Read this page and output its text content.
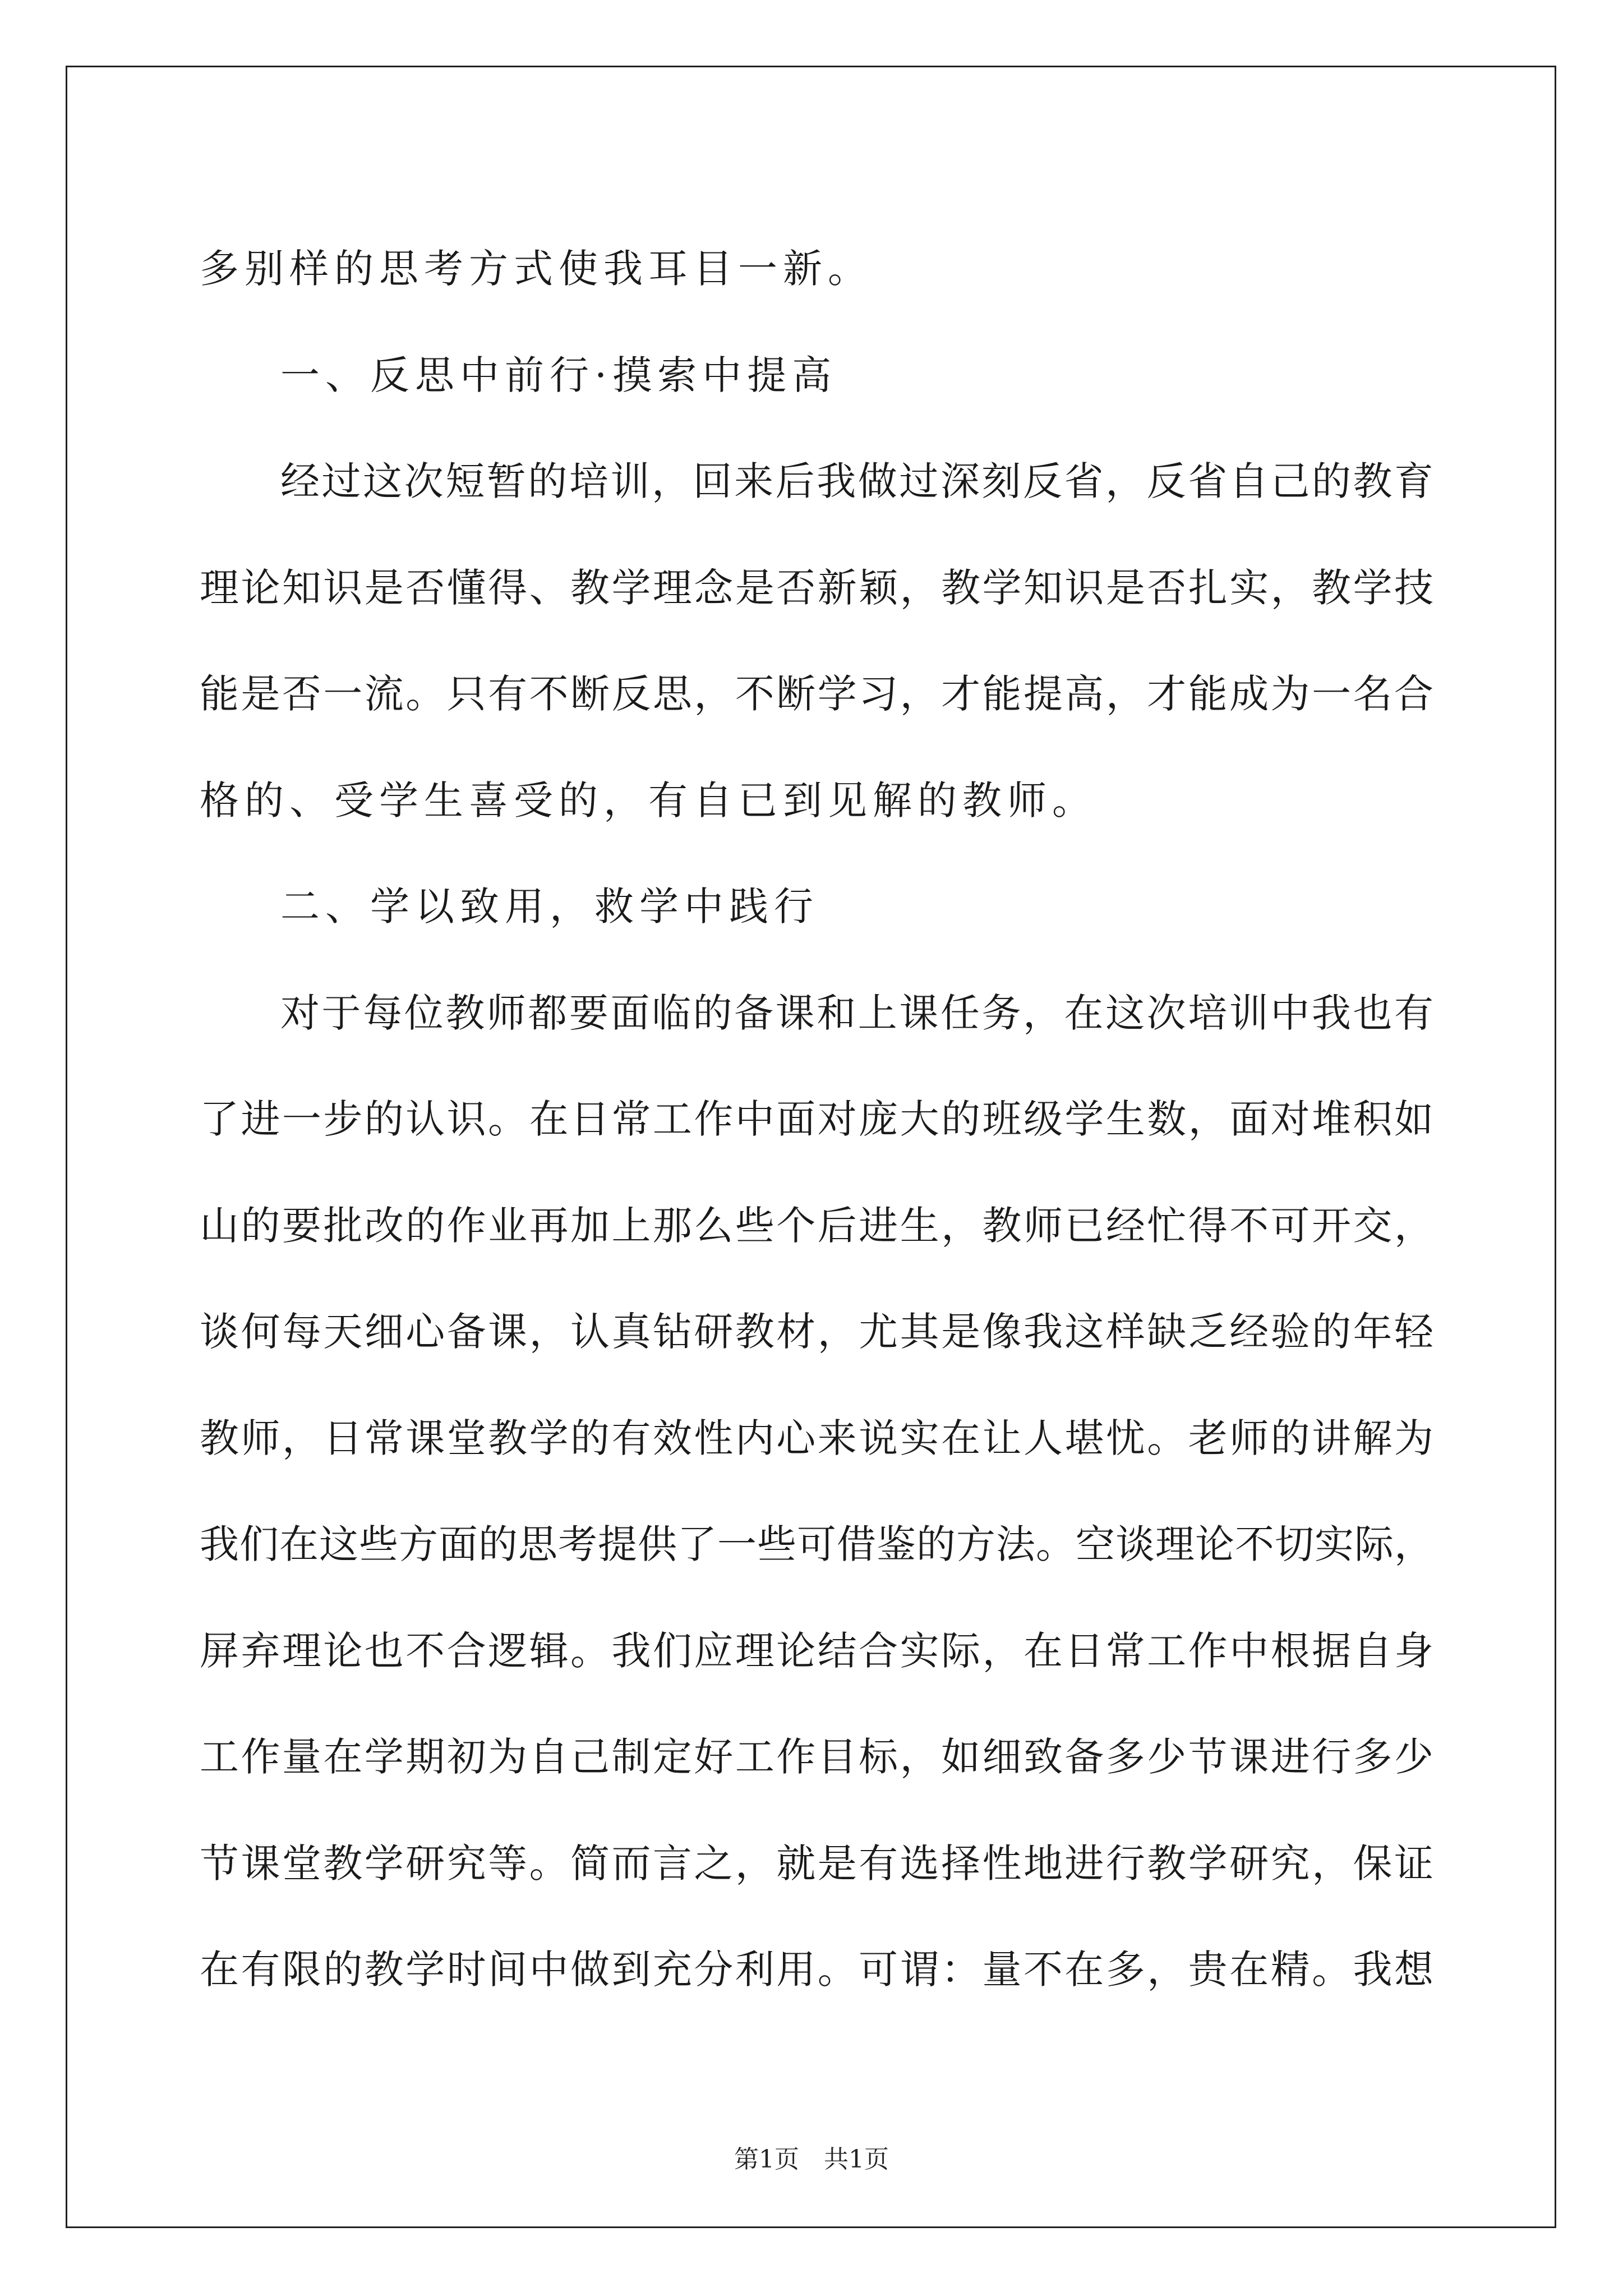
多别样的思考方式使我耳目一新。
一、反思中前行·摸索中提高
经过这次短暂的培训，回来后我做过深刻反省，反省自己的教育
理论知识是否懂得、教学理念是否新颖，教学知识是否扎实，教学技
能是否一流。只有不断反思，不断学习，才能提高，才能成为一名合
格的、受学生喜受的，有自已到见解的教师。
二、学以致用，救学中践行
对于每位教师都要面临的备课和上课任务，在这次培训中我也有
了进一步的认识。在日常工作中面对庞大的班级学生数，面对堆积如
山的要批改的作业再加上那么些个后进生，教师已经忙得不可开交，
谈何每天细心备课，认真钻研教材，尤其是像我这样缺乏经验的年轻
教师，日常课堂教学的有效性内心来说实在让人堪忧。老师的讲解为
我们在这些方面的思考提供了一些可借鉴的方法。空谈理论不切实际，
屏弃理论也不合逻辑。我们应理论结合实际，在日常工作中根据自身
工作量在学期初为自己制定好工作目标，如细致备多少节课进行多少
节课堂教学研究等。简而言之，就是有选择性地进行教学研究，保证
在有限的教学时间中做到充分利用。可谓：量不在多，贵在精。我想
第1页 共1页
